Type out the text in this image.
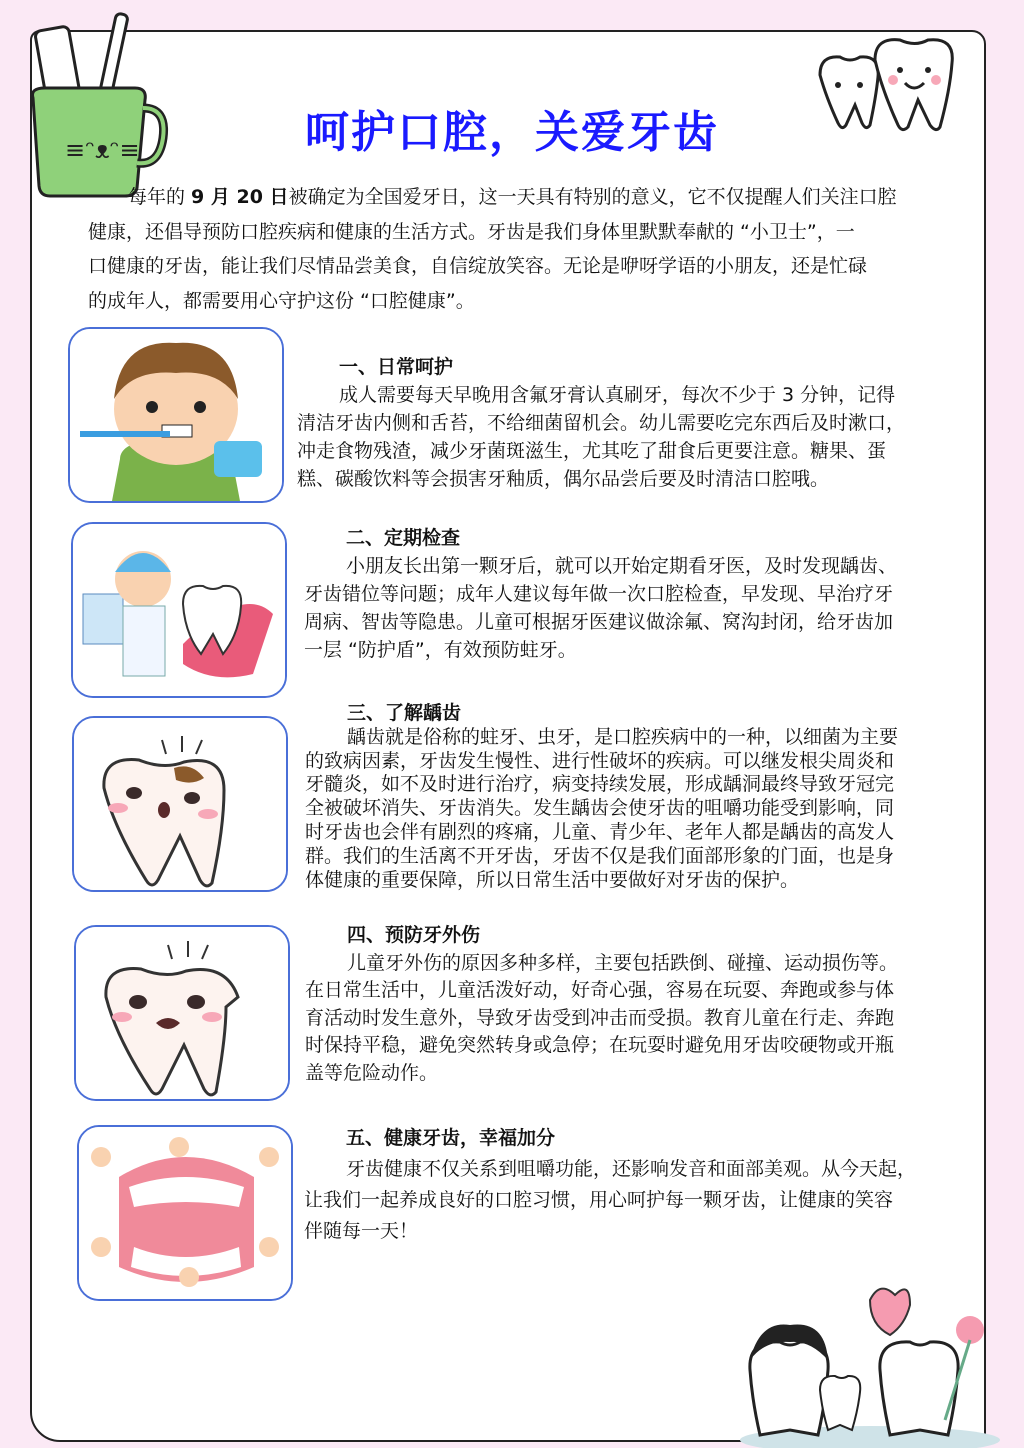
≡ᵔᴥᵔ≡	呵护口腔，关爱牙齿
每年的 9 月 20 日被确定为全国爱牙日，这一天具有特别的意义，它不仅提醒人们关注口腔
健康，还倡导预防口腔疾病和健康的生活方式。牙齿是我们身体里默默奉献的 “小卫士”，一
口健康的牙齿，能让我们尽情品尝美食，自信绽放笑容。无论是咿呀学语的小朋友，还是忙碌
的成年人，都需要用心守护这份 “口腔健康”。
一、日常呵护
成人需要每天早晚用含氟牙膏认真刷牙，每次不少于 3 分钟，记得
清洁牙齿内侧和舌苔，不给细菌留机会。幼儿需要吃完东西后及时漱口，
冲走食物残渣，减少牙菌斑滋生，尤其吃了甜食后更要注意。糖果、蛋
糕、碳酸饮料等会损害牙釉质，偶尔品尝后要及时清洁口腔哦。
二、定期检查
小朋友长出第一颗牙后，就可以开始定期看牙医，及时发现龋齿、
牙齿错位等问题；成年人建议每年做一次口腔检查，早发现、早治疗牙
周病、智齿等隐患。儿童可根据牙医建议做涂氟、窝沟封闭，给牙齿加
一层 “防护盾”，有效预防蛀牙。
三、了解龋齿
龋齿就是俗称的蛀牙、虫牙，是口腔疾病中的一种，以细菌为主要
的致病因素，牙齿发生慢性、进行性破坏的疾病。可以继发根尖周炎和
牙髓炎，如不及时进行治疗，病变持续发展，形成龋洞最终导致牙冠完
全被破坏消失、牙齿消失。发生龋齿会使牙齿的咀嚼功能受到影响，同
时牙齿也会伴有剧烈的疼痛，儿童、青少年、老年人都是龋齿的高发人
群。我们的生活离不开牙齿，牙齿不仅是我们面部形象的门面，也是身
体健康的重要保障，所以日常生活中要做好对牙齿的保护。
四、预防牙外伤
儿童牙外伤的原因多种多样，主要包括跌倒、碰撞、运动损伤等。
在日常生活中，儿童活泼好动，好奇心强，容易在玩耍、奔跑或参与体
育活动时发生意外，导致牙齿受到冲击而受损。教育儿童在行走、奔跑
时保持平稳，避免突然转身或急停；在玩耍时避免用牙齿咬硬物或开瓶
盖等危险动作。
五、健康牙齿，幸福加分
牙齿健康不仅关系到咀嚼功能，还影响发音和面部美观。从今天起，
让我们一起养成良好的口腔习惯，用心呵护每一颗牙齿，让健康的笑容
伴随每一天！
